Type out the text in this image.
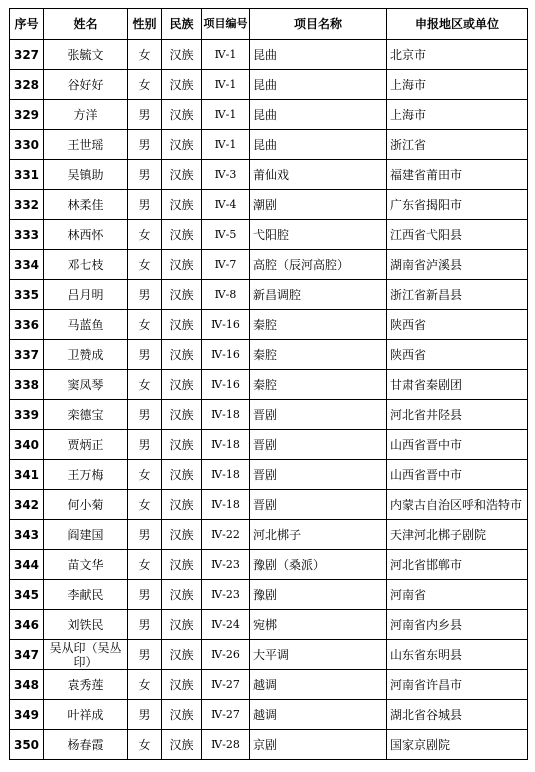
序号	姓名	性别	民族	项目编号	项目名称	申报地区或单位
327	张毓文	女	汉族	Ⅳ-1	昆曲	北京市
328	谷好好	女	汉族	Ⅳ-1	昆曲	上海市
329	方洋	男	汉族	Ⅳ-1	昆曲	上海市
330	王世瑶	男	汉族	Ⅳ-1	昆曲	浙江省
331	吴镇助	男	汉族	Ⅳ-3	莆仙戏	福建省莆田市
332	林柔佳	男	汉族	Ⅳ-4	潮剧	广东省揭阳市
333	林西怀	女	汉族	Ⅳ-5	弋阳腔	江西省弋阳县
334	邓七枝	女	汉族	Ⅳ-7	高腔（辰河高腔）	湖南省泸溪县
335	吕月明	男	汉族	Ⅳ-8	新昌调腔	浙江省新昌县
336	马蓝鱼	女	汉族	Ⅳ-16	秦腔	陕西省
337	卫赞成	男	汉族	Ⅳ-16	秦腔	陕西省
338	窦凤琴	女	汉族	Ⅳ-16	秦腔	甘肃省秦剧团
339	栾德宝	男	汉族	Ⅳ-18	晋剧	河北省井陉县
340	贾炳正	男	汉族	Ⅳ-18	晋剧	山西省晋中市
341	王万梅	女	汉族	Ⅳ-18	晋剧	山西省晋中市
342	何小菊	女	汉族	Ⅳ-18	晋剧	内蒙古自治区呼和浩特市
343	阎建国	男	汉族	Ⅳ-22	河北梆子	天津河北梆子剧院
344	苗文华	女	汉族	Ⅳ-23	豫剧（桑派）	河北省邯郸市
345	李献民	男	汉族	Ⅳ-23	豫剧	河南省
346	刘铁民	男	汉族	Ⅳ-24	宛梆	河南省内乡县
347	吴从印（吴丛印）	男	汉族	Ⅳ-26	大平调	山东省东明县
348	袁秀莲	女	汉族	Ⅳ-27	越调	河南省许昌市
349	叶祥成	男	汉族	Ⅳ-27	越调	湖北省谷城县
350	杨春霞	女	汉族	Ⅳ-28	京剧	国家京剧院
